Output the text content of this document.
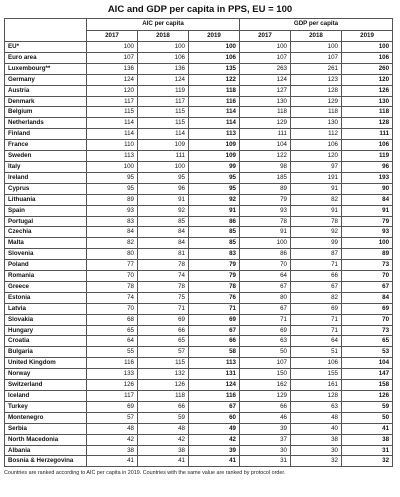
AIC and GDP per capita in PPS, EU = 100
	AIC per capita			GDP per capita		
	2017	2018	2019	2017	2018	2019
EU*	100	100	100	100	100	100
Euro area	107	106	106	107	107	106
Luxembourg**	136	136	135	263	261	260
Germany	124	124	122	124	123	120
Austria	120	119	118	127	128	126
Denmark	117	117	116	130	129	130
Belgium	115	115	114	118	118	118
Netherlands	114	115	114	129	130	128
Finland	114	114	113	111	112	111
France	110	109	109	104	106	106
Sweden	113	111	109	122	120	119
Italy	100	100	99	98	97	96
Ireland	95	95	95	185	191	193
Cyprus	95	96	95	89	91	90
Lithuania	89	91	92	79	82	84
Spain	93	92	91	93	91	91
Portugal	83	85	86	78	78	79
Czechia	84	84	85	91	92	93
Malta	82	84	85	100	99	100
Slovenia	80	81	83	86	87	89
Poland	77	78	79	70	71	73
Romania	70	74	79	64	66	70
Greece	78	78	78	67	67	67
Estonia	74	75	76	80	82	84
Latvia	70	71	71	67	69	69
Slovakia	68	69	69	71	71	70
Hungary	65	66	67	69	71	73
Croatia	64	65	66	63	64	65
Bulgaria	55	57	58	50	51	53
United Kingdom	116	115	113	107	106	104
Norway	133	132	131	150	155	147
Switzerland	126	126	124	162	161	158
Iceland	117	118	116	129	128	126
Turkey	69	66	67	66	63	59
Montenegro	57	59	60	46	48	50
Serbia	48	48	49	39	40	41
North Macedonia	42	42	42	37	38	38
Albania	38	38	39	30	30	31
Bosnia & Herzegovina	41	41	41	31	32	32
Countries are ranked according to AIC per capita in 2019. Countries with the same value are ranked by protocol order.
